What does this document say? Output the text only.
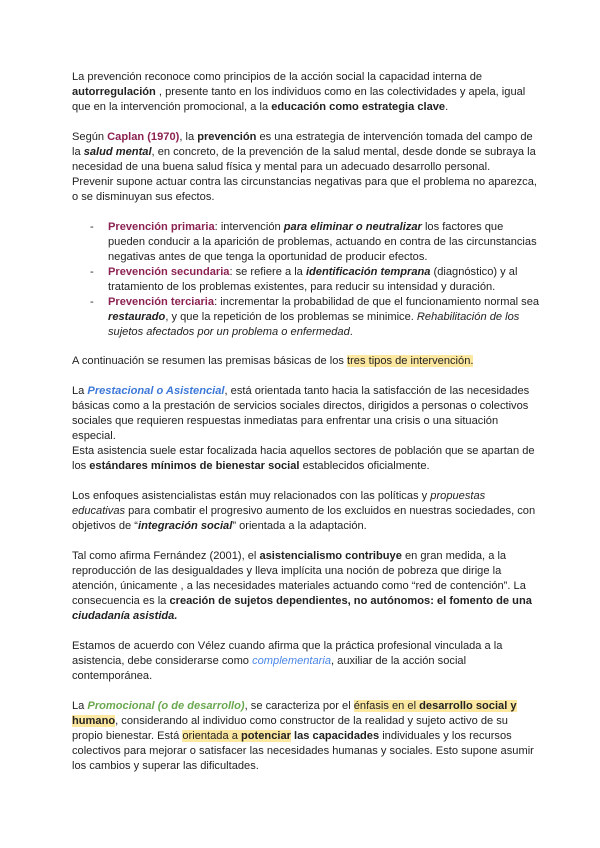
La prevención reconoce como principios de la acción social la capacidad interna de autorregulación , presente tanto en los individuos como en las colectividades y apela, igual que en la intervención promocional, a la educación como estrategia clave.

Según Caplan (1970), la prevención es una estrategia de intervención tomada del campo de la salud mental, en concreto, de la prevención de la salud mental, desde donde se subraya la necesidad de una buena salud física y mental para un adecuado desarrollo personal.

Prevenir supone actuar contra las circunstancias negativas para que el problema no aparezca, o se disminuyan sus efectos.

- Prevención primaria: intervención para eliminar o neutralizar los factores que pueden conducir a la aparición de problemas, actuando en contra de las circunstancias negativas antes de que tenga la oportunidad de producir efectos.
- Prevención secundaria: se refiere a la identificación temprana (diagnóstico) y al tratamiento de los problemas existentes, para reducir su intensidad y duración.
- Prevención terciaria: incrementar la probabilidad de que el funcionamiento normal sea restaurado, y que la repetición de los problemas se minimice. Rehabilitación de los sujetos afectados por un problema o enfermedad.

A continuación se resumen las premisas básicas de los tres tipos de intervención.

La Prestacional o Asistencial, está orientada tanto hacia la satisfacción de las necesidades básicas como a la prestación de servicios sociales directos, dirigidos a personas o colectivos sociales que requieren respuestas inmediatas para enfrentar una crisis o una situación especial.

Esta asistencia suele estar focalizada hacia aquellos sectores de población que se apartan de los estándares mínimos de bienestar social establecidos oficialmente.

Los enfoques asistencialistas están muy relacionados con las políticas y propuestas educativas para combatir el progresivo aumento de los excluidos en nuestras sociedades, con objetivos de “integración social” orientada a la adaptación.

Tal como afirma Fernández (2001), el asistencialismo contribuye en gran medida, a la reproducción de las desigualdades y lleva implícita una noción de pobreza que dirige la atención, únicamente , a las necesidades materiales actuando como “red de contención”. La consecuencia es la creación de sujetos dependientes, no autónomos: el fomento de una ciudadanía asistida.

Estamos de acuerdo con Vélez cuando afirma que la práctica profesional vinculada a la asistencia, debe considerarse como complementaria, auxiliar de la acción social contemporánea.

La Promocional (o de desarrollo), se caracteriza por el énfasis en el desarrollo social y humano, considerando al individuo como constructor de la realidad y sujeto activo de su propio bienestar. Está orientada a potenciar las capacidades individuales y los recursos colectivos para mejorar o satisfacer las necesidades humanas y sociales. Esto supone asumir los cambios y superar las dificultades.
